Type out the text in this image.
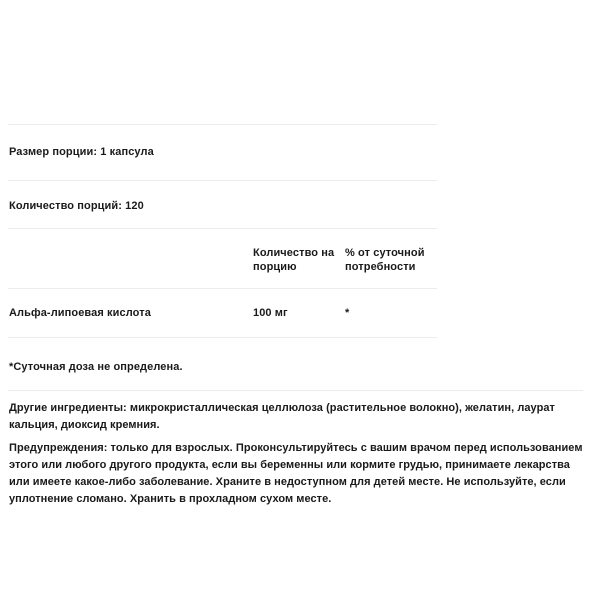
Размер порции: 1 капсула
Количество порций: 120
Количество на порцию
% от суточной потребности
Альфа-липоевая кислота	100 мг	*
*Суточная доза не определена.
Другие ингредиенты: микрокристаллическая целлюлоза (растительное волокно), желатин, лаурат кальция, диоксид кремния.
Предупреждения: только для взрослых. Проконсультируйтесь с вашим врачом перед использованием этого или любого другого продукта, если вы беременны или кормите грудью, принимаете лекарства или имеете какое-либо заболевание. Храните в недоступном для детей месте. Не используйте, если уплотнение сломано. Хранить в прохладном сухом месте.
